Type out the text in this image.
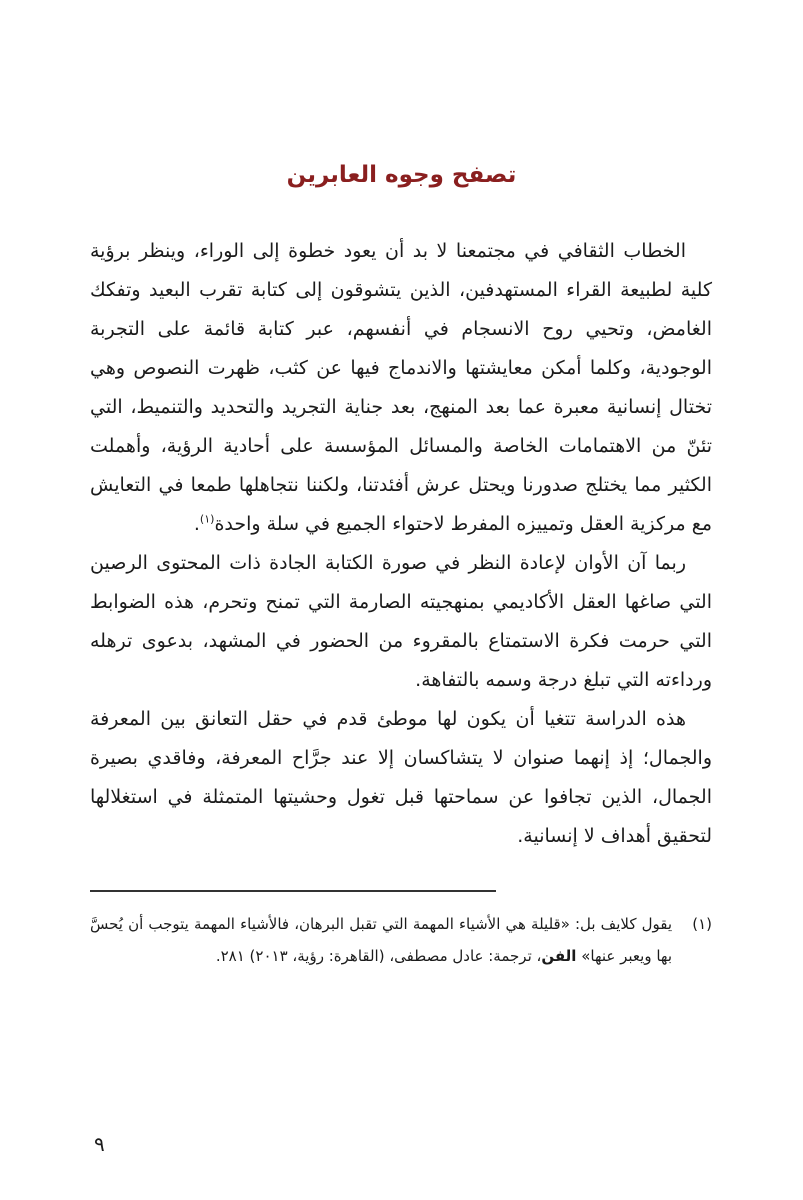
تصفح وجوه العابرين

الخطاب الثقافي في مجتمعنا لا بد أن يعود خطوة إلى الوراء، وينظر برؤية كلية لطبيعة القراء المستهدفين، الذين يتشوقون إلى كتابة تقرب البعيد وتفكك الغامض، وتحيي روح الانسجام في أنفسهم، عبر كتابة قائمة على التجربة الوجودية، وكلما أمكن معايشتها والاندماج فيها عن كثب، ظهرت النصوص وهي تختال إنسانية معبرة عما بعد المنهج، بعد جناية التجريد والتحديد والتنميط، التي تئنّ من الاهتمامات الخاصة والمسائل المؤسسة على أحادية الرؤية، وأهملت الكثير مما يختلج صدورنا ويحتل عرش أفئدتنا، ولكننا نتجاهلها طمعا في التعايش مع مركزية العقل وتمييزه المفرط لاحتواء الجميع في سلة واحدة$^{(١)}$.

ربما آن الأوان لإعادة النظر في صورة الكتابة الجادة ذات المحتوى الرصين التي صاغها العقل الأكاديمي بمنهجيته الصارمة التي تمنح وتحرم، هذه الضوابط التي حرمت فكرة الاستمتاع بالمقروء من الحضور في المشهد، بدعوى ترهله ورداءته التي تبلغ درجة وسمه بالتفاهة.

هذه الدراسة تتغيا أن يكون لها موطئ قدم في حقل التعانق بين المعرفة والجمال؛ إذ إنهما صنوان لا يتشاكسان إلا عند جرَّاح المعرفة، وفاقدي بصيرة الجمال، الذين تجافوا عن سماحتها قبل تغول وحشيتها المتمثلة في استغلالها لتحقيق أهداف لا إنسانية.

(١)
يقول كلايف بل: «قليلة هي الأشياء المهمة التي تقبل البرهان، فالأشياء المهمة يتوجب أن يُحسَّ بها ويعبر عنها» الفن، ترجمة: عادل مصطفى، (القاهرة: رؤية، ٢٠١٣) ٢٨١.
٩
